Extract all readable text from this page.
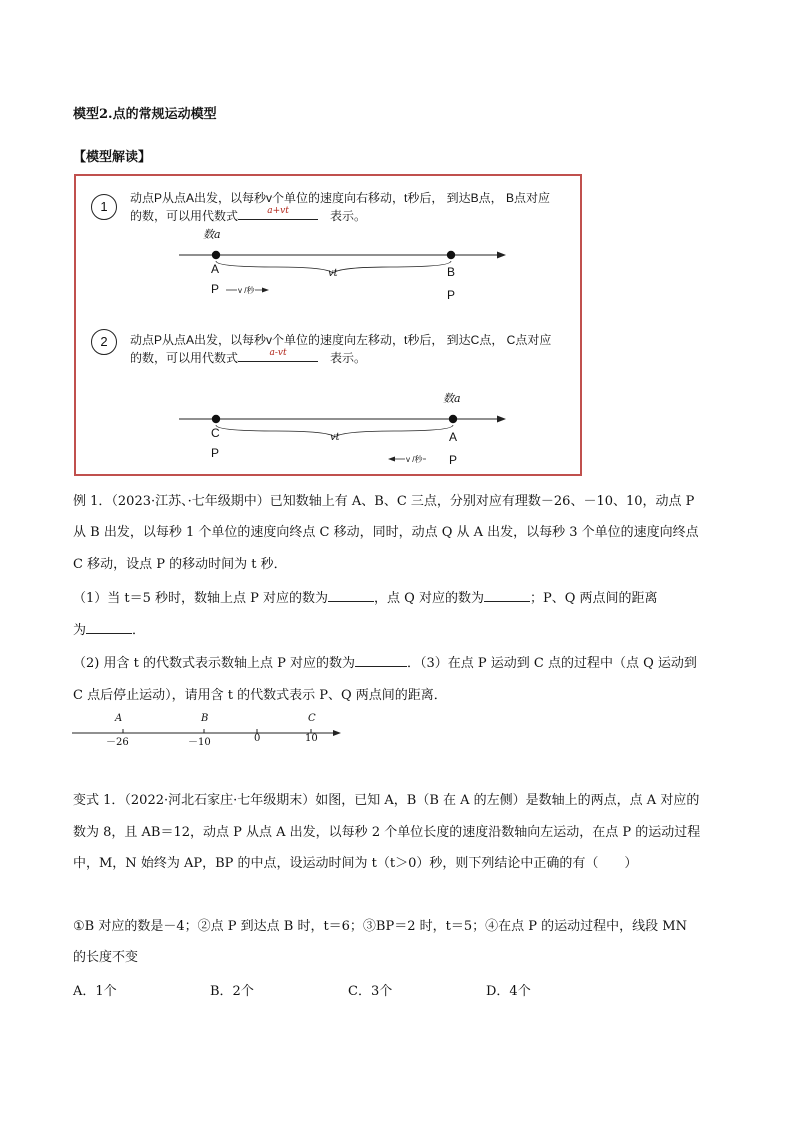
模型2.点的常规运动模型
【模型解读】
1
动点P从点A出发，以每秒v个单位的速度向右移动，t秒后， 到达B点， B点对应
的数，可以用代数式	a+vt
　	表示。
数a
A	B
vt
P v /秒	P
2	动点P从点A出发，以每秒v个单位的速度向左移动，t秒后， 到达C点， C点对应
的数，可以用代数式	a-vt
　	表示。
数a
C	A
vt
P	v /秒 P
例 1．（2023·江苏、·七年级期中）已知数轴上有 A、B、C 三点，分别对应有理数－26、－10、10，动点 P
从 B 出发，以每秒 1 个单位的速度向终点 C 移动，同时，动点 Q 从 A 出发，以每秒 3 个单位的速度向终点
C 移动，设点 P 的移动时间为 t 秒．
（1）当 t＝5 秒时，数轴上点 P 对应的数为	，点 Q 对应的数为	；P、Q 两点间的距离
为	．
（2) 用含 t 的代数式表示数轴上点 P 对应的数为	．（3）在点 P 运动到 C 点的过程中（点 Q 运动到
C 点后停止运动），请用含 t 的代数式表示 P、Q 两点间的距离．
A	B	C
－26	－10	0	10
变式 1．（2022·河北石家庄·七年级期末）如图，已知 A，B（B 在 A 的左侧）是数轴上的两点，点 A 对应的
数为 8，且 AB＝12，动点 P 从点 A 出发，以每秒 2 个单位长度的速度沿数轴向左运动，在点 P 的运动过程
中，M，N 始终为 AP，BP 的中点，设运动时间为 t（t＞0）秒，则下列结论中正确的有（　　）
①B 对应的数是－4；②点 P 到达点 B 时，t＝6；③BP＝2 时，t＝5；④在点 P 的运动过程中，线段 MN
的长度不变
A．1个	B．2个	C．3个	D．4个
